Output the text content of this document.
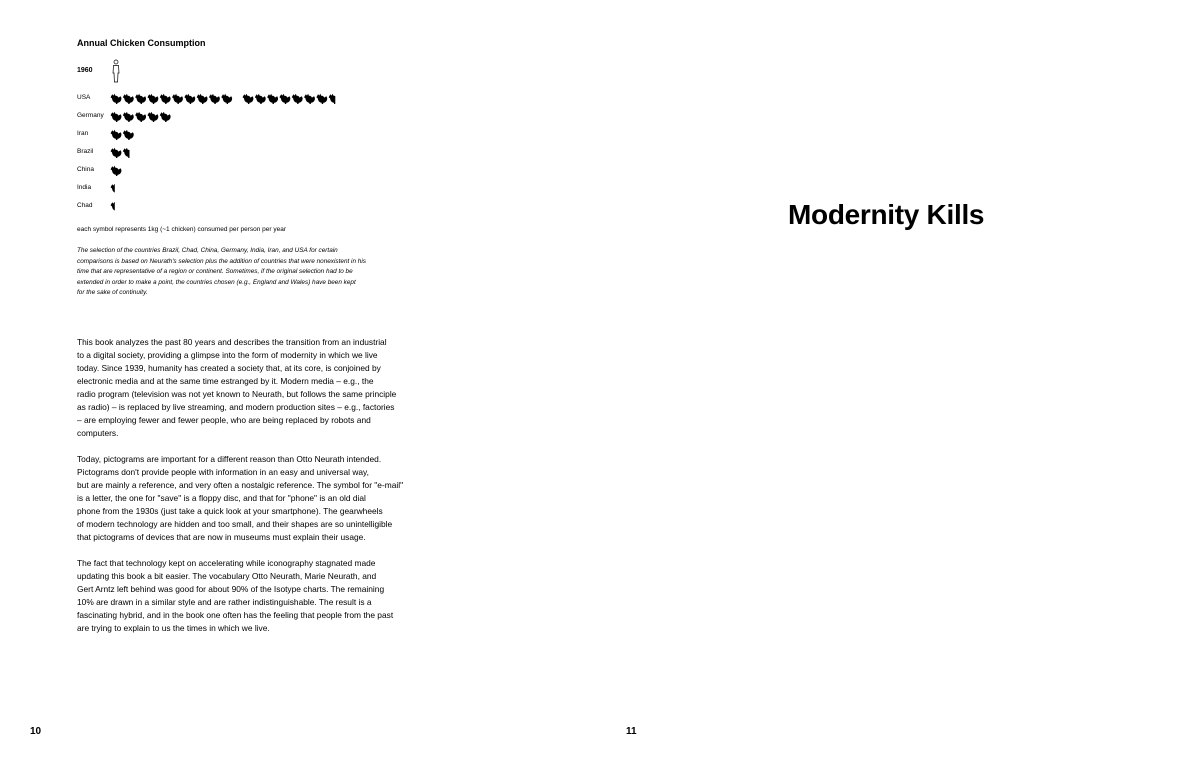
Annual Chicken Consumption
1960
USA
Germany
Iran
Brazil
China
India
Chad
each symbol represents 1kg (~1 chicken) consumed per person per year

The selection of the countries Brazil, Chad, China, Germany, India, Iran, and USA for certain

comparisons is based on Neurath's selection plus the addition of countries that were nonexistent in his

time that are representative of a region or continent. Sometimes, if the original selection had to be

extended in order to make a point, the countries chosen (e.g., England and Wales) have been kept

for the sake of continuity.

This book analyzes the past 80 years and describes the transition from an industrial

to a digital society, providing a glimpse into the form of modernity in which we live

today. Since 1939, humanity has created a society that, at its core, is conjoined by

electronic media and at the same time estranged by it. Modern media – e.g., the

radio program (television was not yet known to Neurath, but follows the same principle

as radio) – is replaced by live streaming, and modern production sites – e.g., factories

– are employing fewer and fewer people, who are being replaced by robots and

computers.

Today, pictograms are important for a different reason than Otto Neurath intended.

Pictograms don't provide people with information in an easy and universal way,

but are mainly a reference, and very often a nostalgic reference. The symbol for "e-mail"

is a letter, the one for "save" is a floppy disc, and that for "phone" is an old dial

phone from the 1930s (just take a quick look at your smartphone). The gearwheels

of modern technology are hidden and too small, and their shapes are so unintelligible

that pictograms of devices that are now in museums must explain their usage.

The fact that technology kept on accelerating while iconography stagnated made

updating this book a bit easier. The vocabulary Otto Neurath, Marie Neurath, and

Gert Arntz left behind was good for about 90% of the Isotype charts. The remaining

10% are drawn in a similar style and are rather indistinguishable. The result is a

fascinating hybrid, and in the book one often has the feeling that people from the past

are trying to explain to us the times in which we live.

10
Modernity Kills
11
